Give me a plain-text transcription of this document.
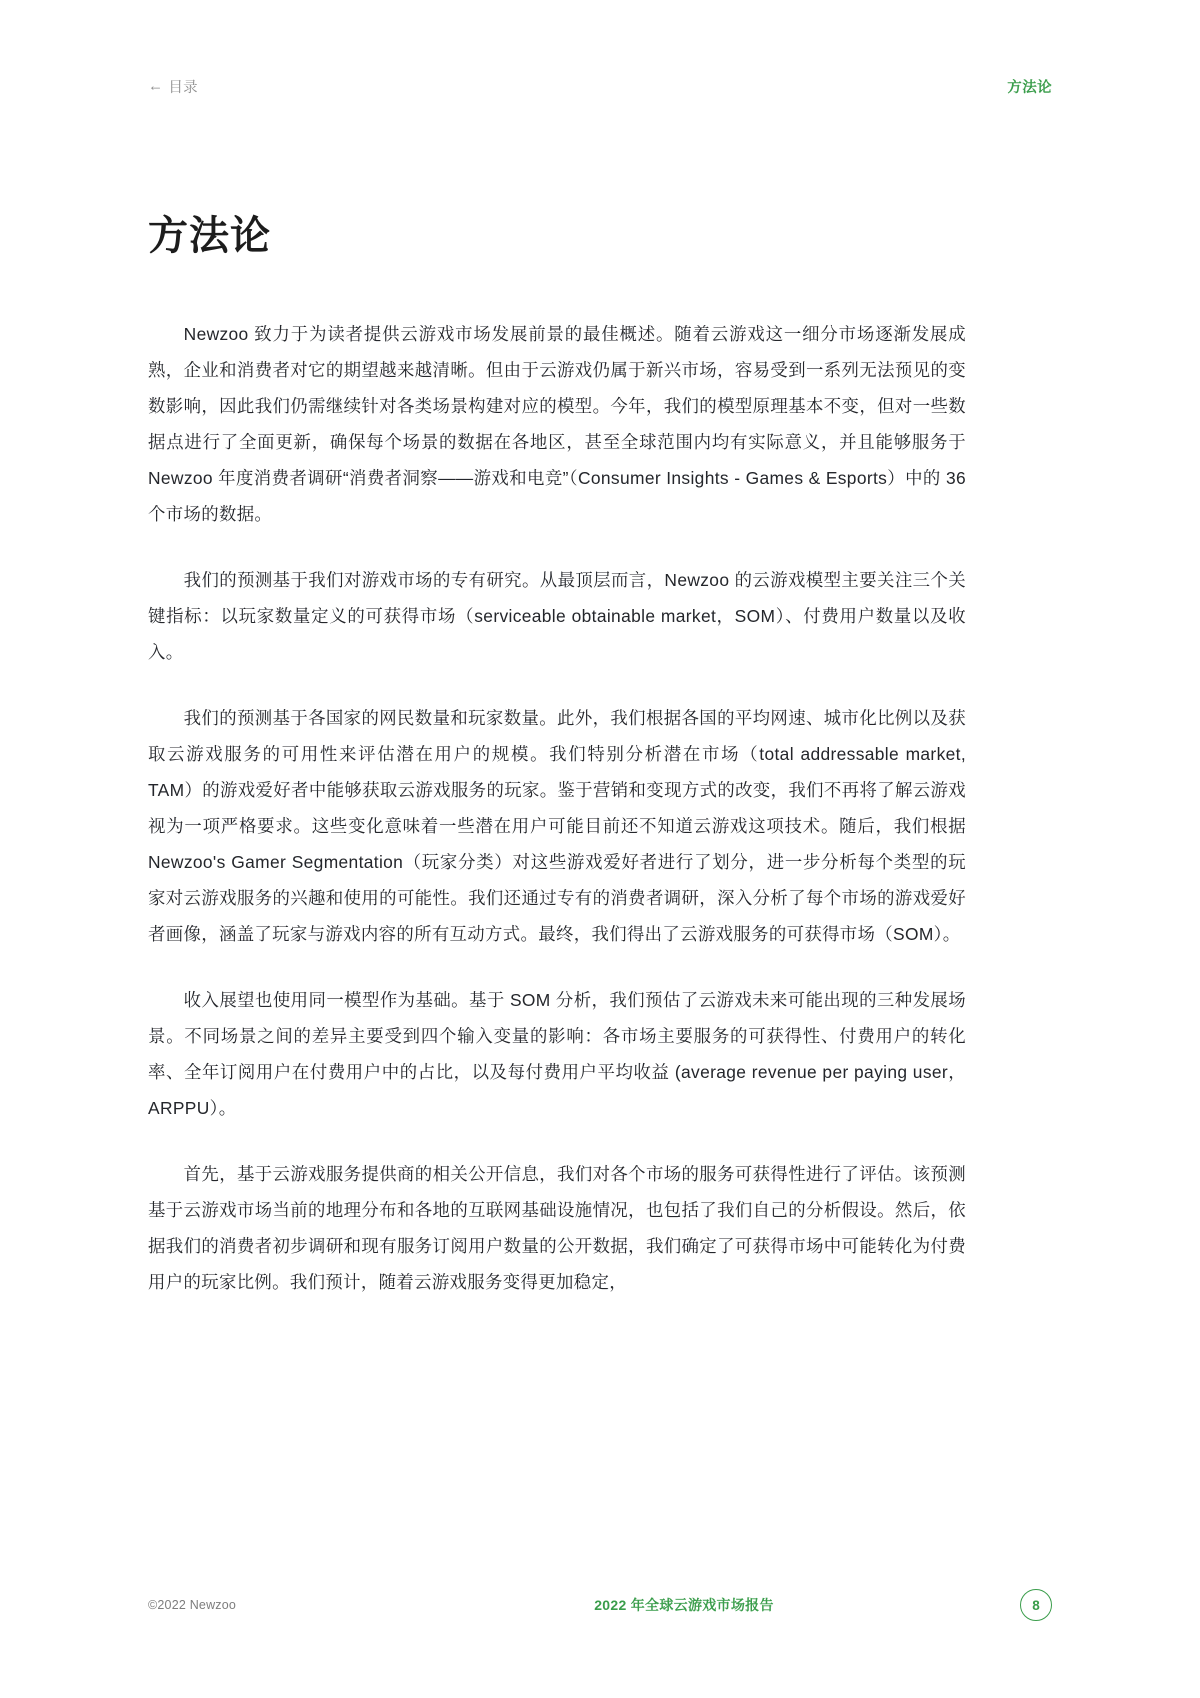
← 目录	方法论
方法论

Newzoo 致力于为读者提供云游戏市场发展前景的最佳概述。随着云游戏这一细分市场逐渐发展成熟，企业和消费者对它的期望越来越清晰。但由于云游戏仍属于新兴市场，容易受到一系列无法预见的变数影响，因此我们仍需继续针对各类场景构建对应的模型。今年，我们的模型原理基本不变，但对一些数据点进行了全面更新，确保每个场景的数据在各地区，甚至全球范围内均有实际意义，并且能够服务于 Newzoo 年度消费者调研“消费者洞察——游戏和电竞”（Consumer Insights - Games & Esports）中的 36 个市场的数据。

我们的预测基于我们对游戏市场的专有研究。从最顶层而言，Newzoo 的云游戏模型主要关注三个关键指标：以玩家数量定义的可获得市场（serviceable obtainable market，SOM）、付费用户数量以及收入。

我们的预测基于各国家的网民数量和玩家数量。此外，我们根据各国的平均网速、城市化比例以及获取云游戏服务的可用性来评估潜在用户的规模。我们特别分析潜在市场（total addressable market, TAM）的游戏爱好者中能够获取云游戏服务的玩家。鉴于营销和变现方式的改变，我们不再将了解云游戏视为一项严格要求。这些变化意味着一些潜在用户可能目前还不知道云游戏这项技术。随后，我们根据 Newzoo's Gamer Segmentation（玩家分类）对这些游戏爱好者进行了划分，进一步分析每个类型的玩家对云游戏服务的兴趣和使用的可能性。我们还通过专有的消费者调研，深入分析了每个市场的游戏爱好者画像，涵盖了玩家与游戏内容的所有互动方式。最终，我们得出了云游戏服务的可获得市场（SOM）。

收入展望也使用同一模型作为基础。基于 SOM 分析，我们预估了云游戏未来可能出现的三种发展场景。不同场景之间的差异主要受到四个输入变量的影响：各市场主要服务的可获得性、付费用户的转化率、全年订阅用户在付费用户中的占比，以及每付费用户平均收益 (average revenue per paying user，ARPPU）。

首先，基于云游戏服务提供商的相关公开信息，我们对各个市场的服务可获得性进行了评估。该预测基于云游戏市场当前的地理分布和各地的互联网基础设施情况，也包括了我们自己的分析假设。然后，依据我们的消费者初步调研和现有服务订阅用户数量的公开数据，我们确定了可获得市场中可能转化为付费用户的玩家比例。我们预计，随着云游戏服务变得更加稳定，

©2022 Newzoo	2022 年全球云游戏市场报告	8
